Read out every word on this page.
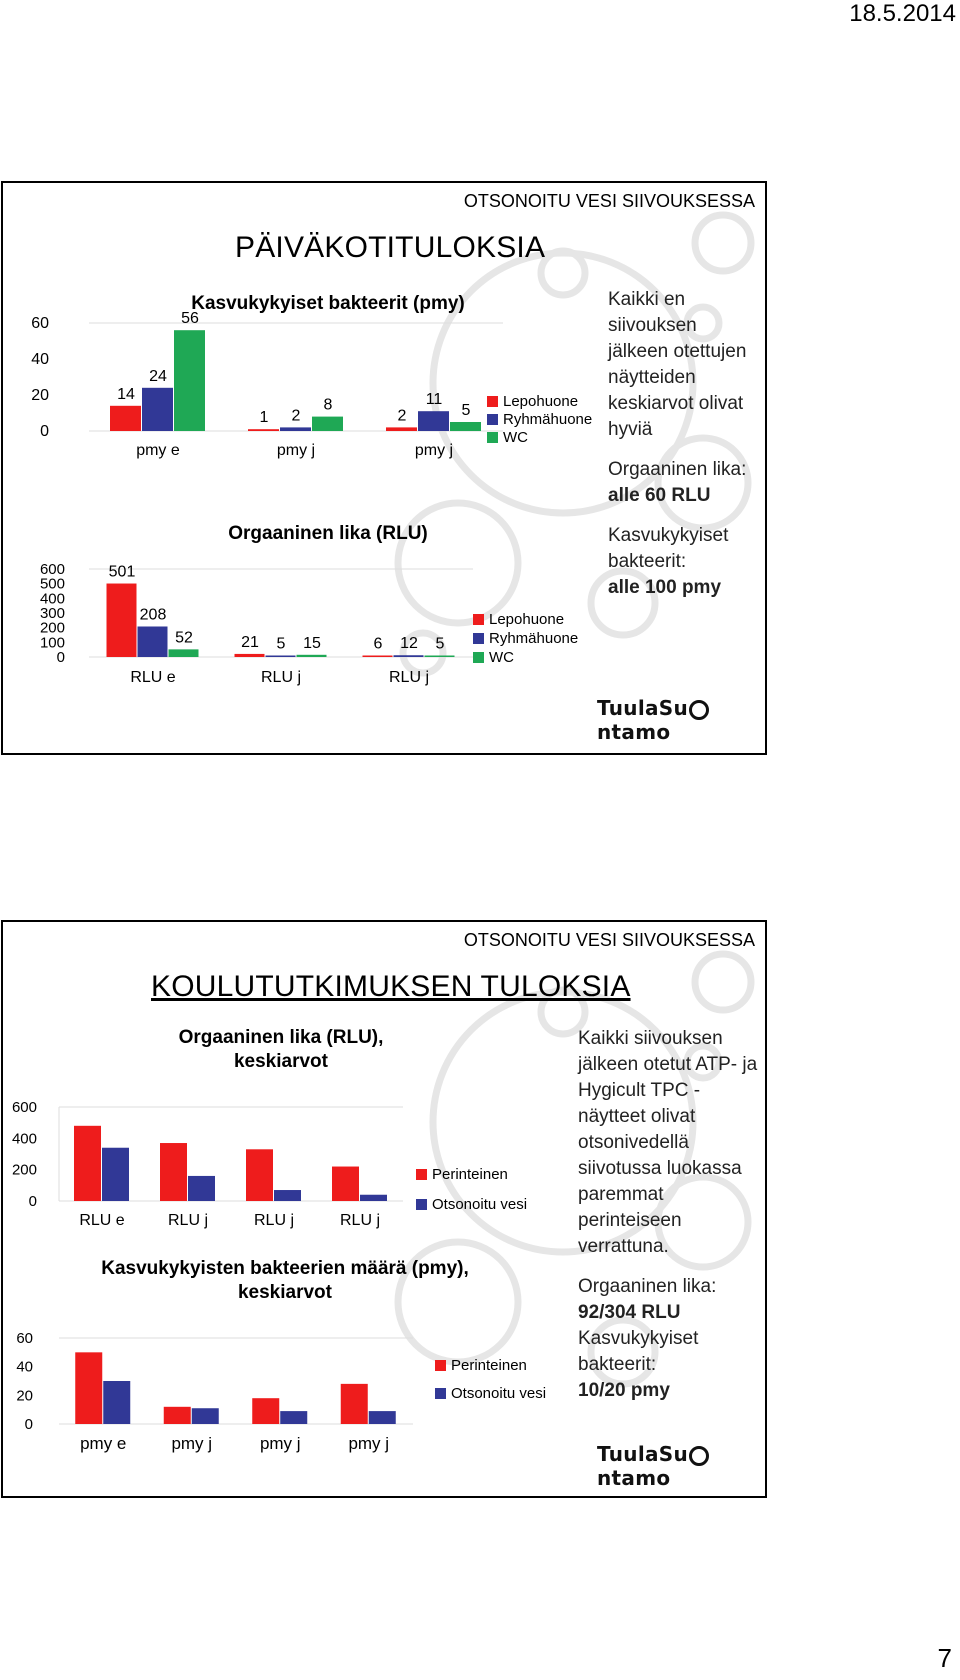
18.5.2014
OTSONOITU VESI SIIVOUKSESSA
PÄIVÄKOTITULOKSIA
Kasvukykyiset bakteerit (pmy)
60
40
20
0
14
24
56
pmy e
1 2
8
pmy j
2
11
5
pmy j
Lepohuone
Ryhmähuone
WC
Orgaaninen lika (RLU)
600
500
400
300
200
100
0
501
208
52
RLU e
21 5 15
RLU j
6 12 5
RLU j
Lepohuone
Ryhmähuone
WC
Kaikki en siivouksen jälkeen otettujen näytteiden keskiarvot olivat hyviä
Orgaaninen lika:
alle 60 RLU
Kasvukykyiset bakteerit:
alle 100 pmy
TuulaSuntamo
OTSONOITU VESI SIIVOUKSESSA
KOULUTUTKIMUKSEN TULOKSIA
Orgaaninen lika (RLU),
keskiarvot
600
400
200
0
RLU e	RLU j	RLU j	RLU j
Perinteinen
Otsonoitu vesi
Kasvukykyisten bakteerien määrä (pmy),
keskiarvot
60
40
20
0
pmy e	pmy j	pmy j	pmy j
Perinteinen
Otsonoitu vesi
Kaikki siivouksen jälkeen otetut ATP- ja Hygicult TPC -näytteet olivat otsonivedellä siivotussa luokassa paremmat perinteiseen verrattuna.
Orgaaninen lika:
92/304 RLU
Kasvukykyiset bakteerit:
10/20 pmy
TuulaSuntamo
7
